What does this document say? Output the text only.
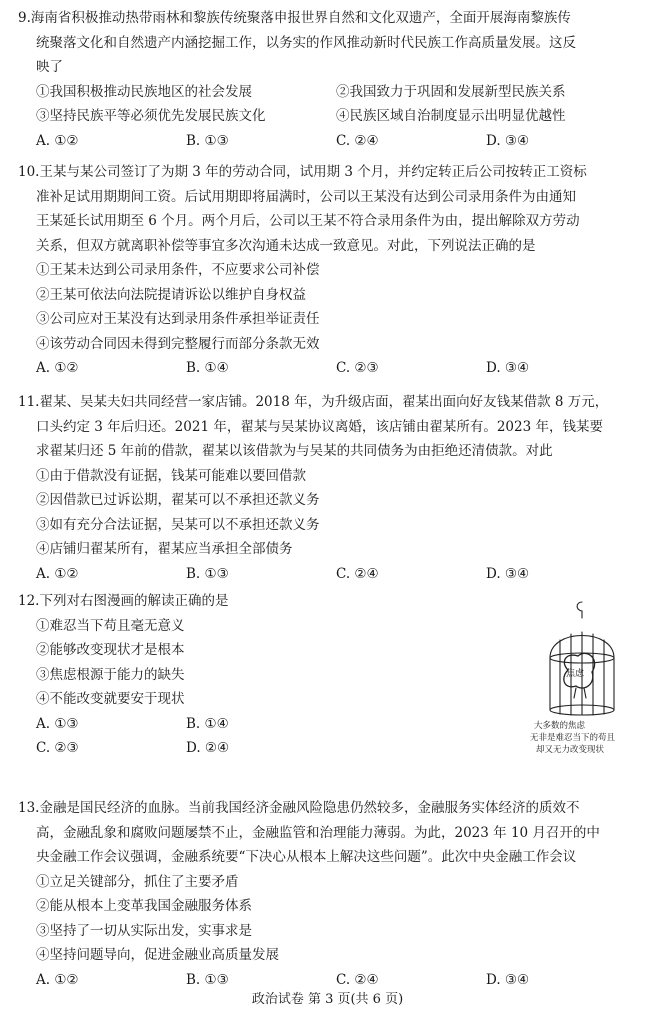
9.海南省积极推动热带雨林和黎族传统聚落申报世界自然和文化双遗产，全面开展海南黎族传
统聚落文化和自然遗产内涵挖掘工作，以务实的作风推动新时代民族工作高质量发展。这反
映了
①我国积极推动民族地区的社会发展	②我国致力于巩固和发展新型民族关系
③坚持民族平等必须优先发展民族文化	④民族区域自治制度显示出明显优越性
A. ①②	B. ①③	C. ②④	D. ③④
10.王某与某公司签订了为期 3 年的劳动合同，试用期 3 个月，并约定转正后公司按转正工资标
准补足试用期期间工资。后试用期即将届满时，公司以王某没有达到公司录用条件为由通知
王某延长试用期至 6 个月。两个月后，公司以王某不符合录用条件为由，提出解除双方劳动
关系，但双方就离职补偿等事宜多次沟通未达成一致意见。对此，下列说法正确的是
①王某未达到公司录用条件，不应要求公司补偿
②王某可依法向法院提请诉讼以维护自身权益
③公司应对王某没有达到录用条件承担举证责任
④该劳动合同因未得到完整履行而部分条款无效
A. ①②	B. ①④	C. ②③	D. ③④
11.翟某、吴某夫妇共同经营一家店铺。2018 年，为升级店面，翟某出面向好友钱某借款 8 万元，
口头约定 3 年后归还。2021 年，翟某与吴某协议离婚，该店铺由翟某所有。2023 年，钱某要
求翟某归还 5 年前的借款，翟某以该借款为与吴某的共同债务为由拒绝还清债款。对此
①由于借款没有证据，钱某可能难以要回借款
②因借款已过诉讼期，翟某可以不承担还款义务
③如有充分合法证据，吴某可以不承担还款义务
④店铺归翟某所有，翟某应当承担全部债务
A. ①②	B. ①③	C. ②④	D. ③④
12.下列对右图漫画的解读正确的是
①难忍当下苟且毫无意义
②能够改变现状才是根本
③焦虑根源于能力的缺失
④不能改变就要安于现状
A. ①③	B. ①④
C. ②③	D. ②④
焦虑
大多数的焦虑
无非是难忍当下的苟且
却又无力改变现状
13.金融是国民经济的血脉。当前我国经济金融风险隐患仍然较多，金融服务实体经济的质效不
高，金融乱象和腐败问题屡禁不止，金融监管和治理能力薄弱。为此，2023 年 10 月召开的中
央金融工作会议强调，金融系统要“下决心从根本上解决这些问题”。此次中央金融工作会议
①立足关键部分，抓住了主要矛盾
②能从根本上变革我国金融服务体系
③坚持了一切从实际出发，实事求是
④坚持问题导向，促进金融业高质量发展
A. ①②	B. ①③	C. ②④	D. ③④
政治试卷 第 3 页(共 6 页)
